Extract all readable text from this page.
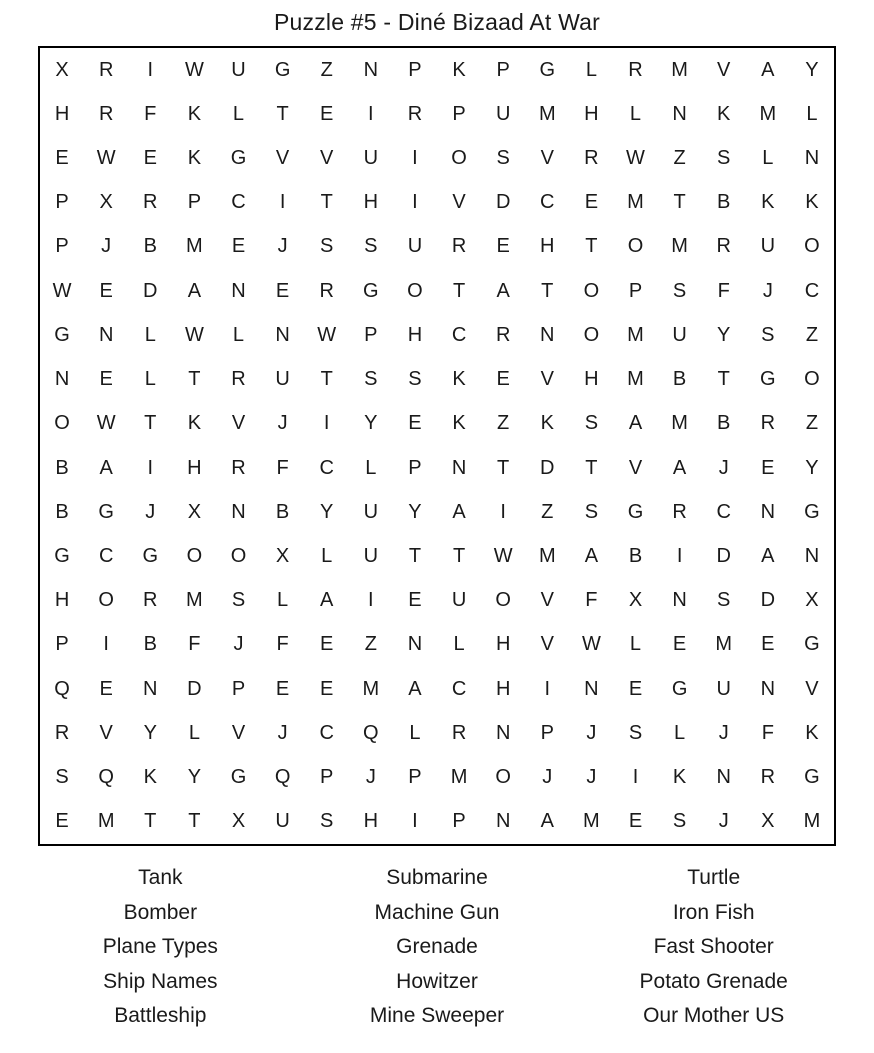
Puzzle #5 - Diné Bizaad At War
X	R	I	W	U	G	Z	N	P	K	P	G	L	R	M	V	A	Y
H	R	F	K	L	T	E	I	R	P	U	M	H	L	N	K	M	L
E	W	E	K	G	V	V	U	I	O	S	V	R	W	Z	S	L	N
P	X	R	P	C	I	T	H	I	V	D	C	E	M	T	B	K	K
P	J	B	M	E	J	S	S	U	R	E	H	T	O	M	R	U	O
W	E	D	A	N	E	R	G	O	T	A	T	O	P	S	F	J	C
G	N	L	W	L	N	W	P	H	C	R	N	O	M	U	Y	S	Z
N	E	L	T	R	U	T	S	S	K	E	V	H	M	B	T	G	O
O	W	T	K	V	J	I	Y	E	K	Z	K	S	A	M	B	R	Z
B	A	I	H	R	F	C	L	P	N	T	D	T	V	A	J	E	Y
B	G	J	X	N	B	Y	U	Y	A	I	Z	S	G	R	C	N	G
G	C	G	O	O	X	L	U	T	T	W	M	A	B	I	D	A	N
H	O	R	M	S	L	A	I	E	U	O	V	F	X	N	S	D	X
P	I	B	F	J	F	E	Z	N	L	H	V	W	L	E	M	E	G
Q	E	N	D	P	E	E	M	A	C	H	I	N	E	G	U	N	V
R	V	Y	L	V	J	C	Q	L	R	N	P	J	S	L	J	F	K
S	Q	K	Y	G	Q	P	J	P	M	O	J	J	I	K	N	R	G
E	M	T	T	X	U	S	H	I	P	N	A	M	E	S	J	X	M
Tank
Bomber
Plane Types
Ship Names
Battleship
Submarine
Machine Gun
Grenade
Howitzer
Mine Sweeper
Turtle
Iron Fish
Fast Shooter
Potato Grenade
Our Mother US
